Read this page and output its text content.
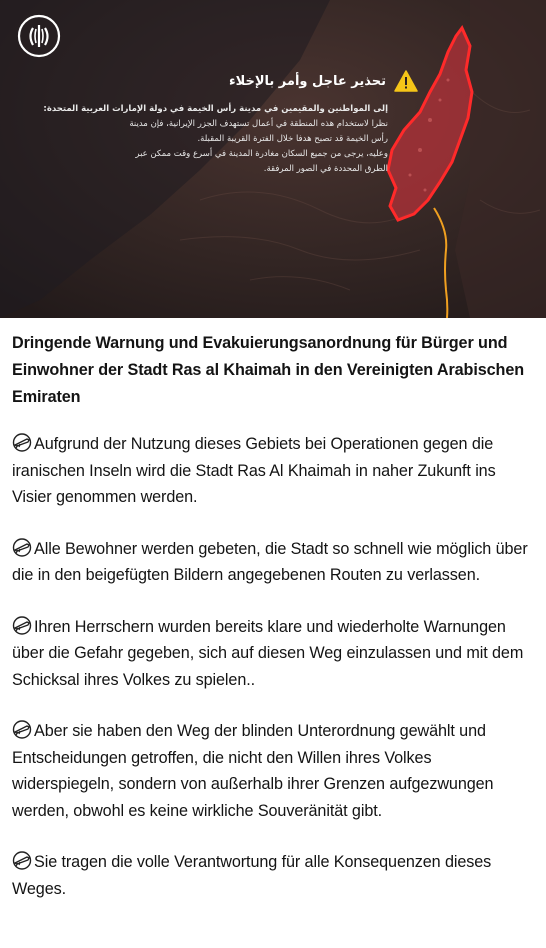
تحذير عاجل وأمر بالإخلاء
إلى المواطنين والمقيمين في مدينة رأس الخيمة في دولة الإمارات العربية المتحدة:
نظرا لاستخدام هذه المنطقة في أعمال تستهدف الجزر الإيرانية، فإن مدينة
رأس الخيمة قد تصبح هدفا خلال الفترة القريبة المقبلة.
وعليه، يرجى من جميع السكان مغادرة المدينة في أسرع وقت ممكن عبر
الطرق المحددة في الصور المرفقة.

Dringende Warnung und Evakuierungsanordnung für Bürger und Einwohner der Stadt Ras al Khaimah in den Vereinigten Arabischen Emiraten

Aufgrund der Nutzung dieses Gebiets bei Operationen gegen die iranischen Inseln wird die Stadt Ras Al Khaimah in naher Zukunft ins Visier genommen werden.

Alle Bewohner werden gebeten, die Stadt so schnell wie möglich über die in den beigefügten Bildern angegebenen Routen zu verlassen.

Ihren Herrschern wurden bereits klare und wiederholte Warnungen über die Gefahr gegeben, sich auf diesen Weg einzulassen und mit dem Schicksal ihres Volkes zu spielen..

Aber sie haben den Weg der blinden Unterordnung gewählt und Entscheidungen getroffen, die nicht den Willen ihres Volkes widerspiegeln, sondern von außerhalb ihrer Grenzen aufgezwungen werden, obwohl es keine wirkliche Souveränität gibt.

Sie tragen die volle Verantwortung für alle Konsequenzen dieses Weges.
